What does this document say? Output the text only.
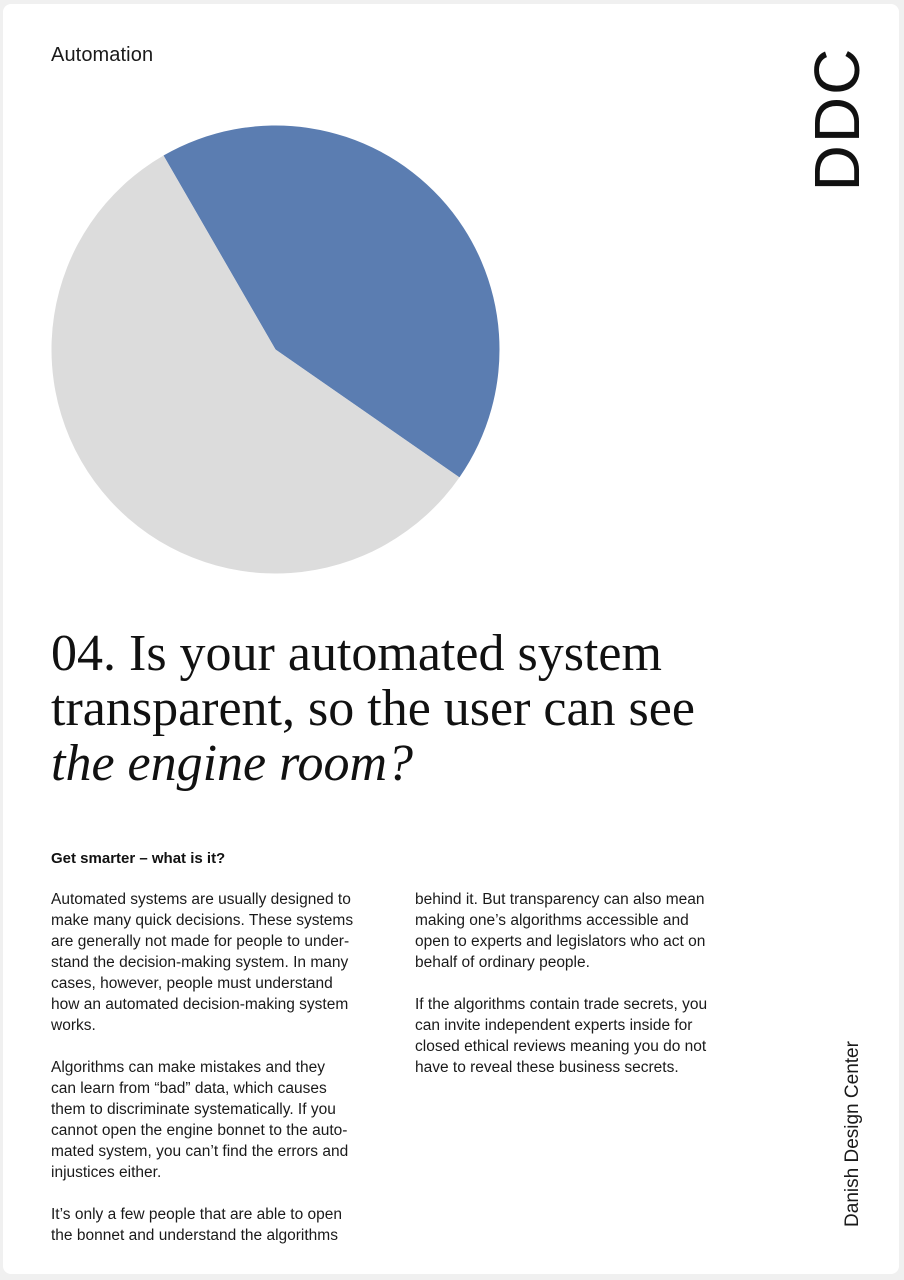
Automation	DDC
04. Is your automated system
transparent, so the user can see
the engine room?
Get smarter – what is it?

Automated systems are usually designed to
make many quick decisions. These systems
are generally not made for people to under-
stand the decision-making system. In many
cases, however, people must understand
how an automated decision-making system
works.

Algorithms can make mistakes and they
can learn from “bad” data, which causes
them to discriminate systematically. If you
cannot open the engine bonnet to the auto-
mated system, you can’t find the errors and
injustices either.

It’s only a few people that are able to open
the bonnet and understand the algorithms

behind it. But transparency can also mean
making one’s algorithms accessible and
open to experts and legislators who act on
behalf of ordinary people.

If the algorithms contain trade secrets, you
can invite independent experts inside for
closed ethical reviews meaning you do not
have to reveal these business secrets.	Danish Design Center
